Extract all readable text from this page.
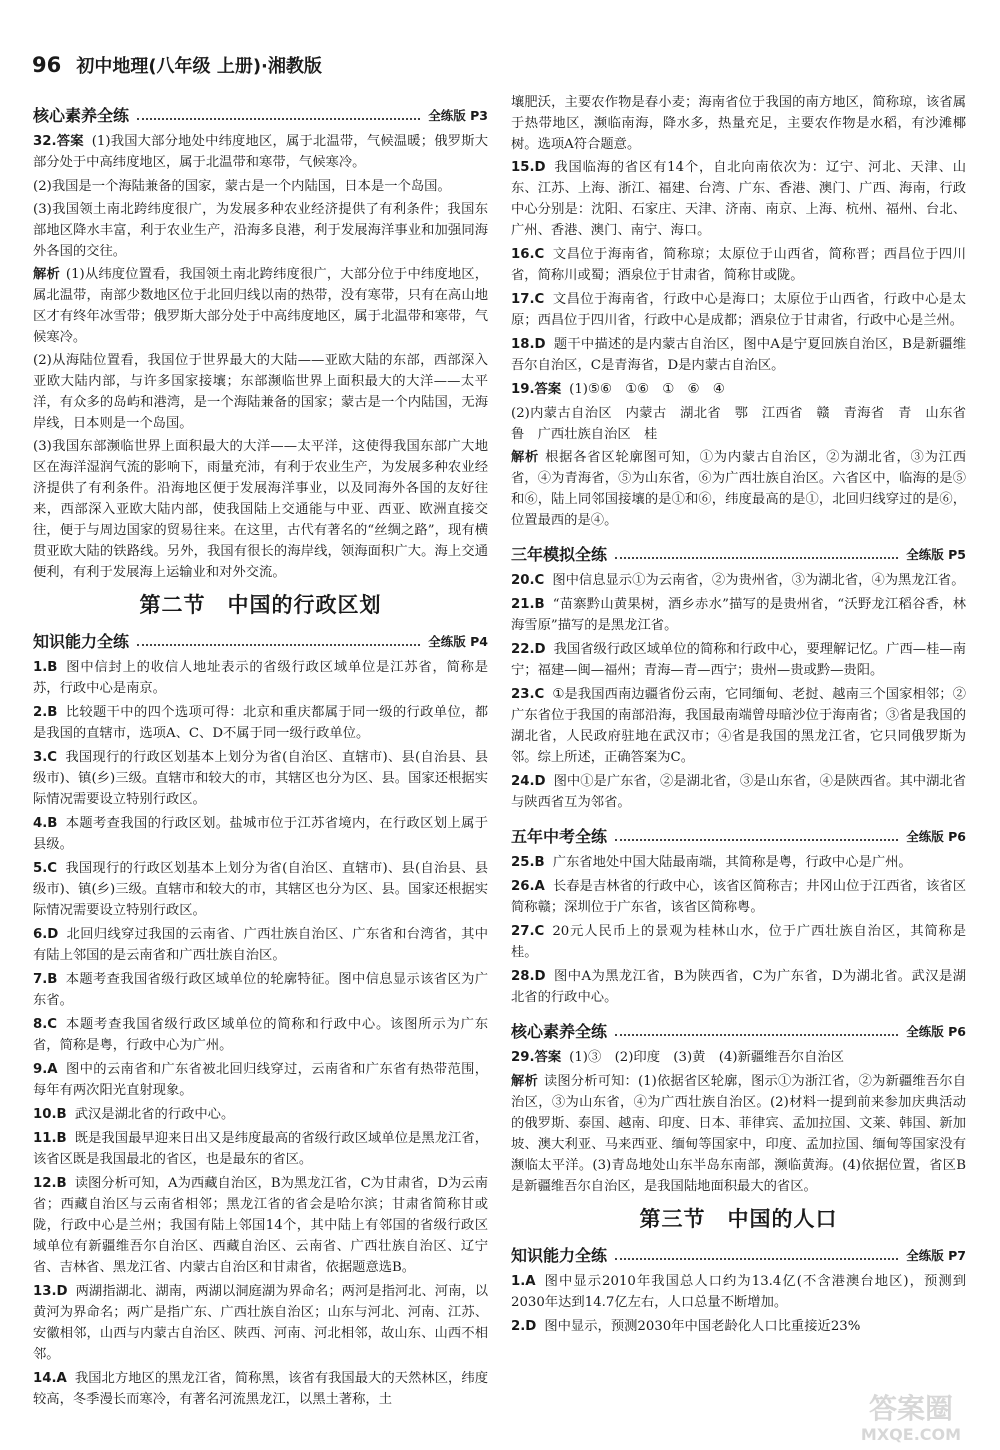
96 初中地理(八年级 上册)·湘教版
核心素养全练	全练版 P3
32.答案 (1)我国大部分地处中纬度地区，属于北温带，气候温暖；俄罗斯大部分处于中高纬度地区，属于北温带和寒带，气候寒冷。
(2)我国是一个海陆兼备的国家，蒙古是一个内陆国，日本是一个岛国。
(3)我国领土南北跨纬度很广，为发展多种农业经济提供了有利条件；我国东部地区降水丰富，利于农业生产，沿海多良港，利于发展海洋事业和加强同海外各国的交往。
解析 (1)从纬度位置看，我国领土南北跨纬度很广，大部分位于中纬度地区，属北温带，南部少数地区位于北回归线以南的热带，没有寒带，只有在高山地区才有终年冰雪带；俄罗斯大部分处于中高纬度地区，属于北温带和寒带，气候寒冷。
(2)从海陆位置看，我国位于世界最大的大陆——亚欧大陆的东部，西部深入亚欧大陆内部，与许多国家接壤；东部濒临世界上面积最大的大洋——太平洋，有众多的岛屿和港湾，是一个海陆兼备的国家；蒙古是一个内陆国，无海岸线，日本则是一个岛国。
(3)我国东部濒临世界上面积最大的大洋——太平洋，这使得我国东部广大地区在海洋湿润气流的影响下，雨量充沛，有利于农业生产，为发展多种农业经济提供了有利条件。沿海地区便于发展海洋事业，以及同海外各国的友好往来，西部深入亚欧大陆内部，使我国陆上交通能与中亚、西亚、欧洲直接交往，便于与周边国家的贸易往来。在这里，古代有著名的“丝绸之路”，现有横贯亚欧大陆的铁路线。另外，我国有很长的海岸线，领海面积广大。海上交通便利，有利于发展海上运输业和对外交流。
第二节　中国的行政区划
知识能力全练	全练版 P4
1.B 图中信封上的收信人地址表示的省级行政区域单位是江苏省，简称是苏，行政中心是南京。
2.B 比较题干中的四个选项可得：北京和重庆都属于同一级的行政单位，都是我国的直辖市，选项A、C、D不属于同一级行政单位。
3.C 我国现行的行政区划基本上划分为省(自治区、直辖市)、县(自治县、县级市)、镇(乡)三级。直辖市和较大的市，其辖区也分为区、县。国家还根据实际情况需要设立特别行政区。
4.B 本题考查我国的行政区划。盐城市位于江苏省境内，在行政区划上属于县级。
5.C 我国现行的行政区划基本上划分为省(自治区、直辖市)、县(自治县、县级市)、镇(乡)三级。直辖市和较大的市，其辖区也分为区、县。国家还根据实际情况需要设立特别行政区。
6.D 北回归线穿过我国的云南省、广西壮族自治区、广东省和台湾省，其中有陆上邻国的是云南省和广西壮族自治区。
7.B 本题考查我国省级行政区域单位的轮廓特征。图中信息显示该省区为广东省。
8.C 本题考查我国省级行政区域单位的简称和行政中心。该图所示为广东省，简称是粤，行政中心为广州。
9.A 图中的云南省和广东省被北回归线穿过，云南省和广东省有热带范围，每年有两次阳光直射现象。
10.B 武汉是湖北省的行政中心。
11.B 既是我国最早迎来日出又是纬度最高的省级行政区域单位是黑龙江省，该省区既是我国最北的省区，也是最东的省区。
12.B 读图分析可知，A为西藏自治区，B为黑龙江省，C为甘肃省，D为云南省；西藏自治区与云南省相邻；黑龙江省的省会是哈尔滨；甘肃省简称甘或陇，行政中心是兰州；我国有陆上邻国14个，其中陆上有邻国的省级行政区域单位有新疆维吾尔自治区、西藏自治区、云南省、广西壮族自治区、辽宁省、吉林省、黑龙江省、内蒙古自治区和甘肃省，依据题意选B。
13.D 两湖指湖北、湖南，两湖以洞庭湖为界命名；两河是指河北、河南，以黄河为界命名；两广是指广东、广西壮族自治区；山东与河北、河南、江苏、安徽相邻，山西与内蒙古自治区、陕西、河南、河北相邻，故山东、山西不相邻。
14.A 我国北方地区的黑龙江省，简称黑，该省有我国最大的天然林区，纬度较高，冬季漫长而寒冷，有著名河流黑龙江，以黑土著称，土
壤肥沃，主要农作物是春小麦；海南省位于我国的南方地区，简称琼，该省属于热带地区，濒临南海，降水多，热量充足，主要农作物是水稻，有沙滩椰树。选项A符合题意。
15.D 我国临海的省区有14个，自北向南依次为：辽宁、河北、天津、山东、江苏、上海、浙江、福建、台湾、广东、香港、澳门、广西、海南，行政中心分别是：沈阳、石家庄、天津、济南、南京、上海、杭州、福州、台北、广州、香港、澳门、南宁、海口。
16.C 文昌位于海南省，简称琼；太原位于山西省，简称晋；西昌位于四川省，简称川或蜀；酒泉位于甘肃省，简称甘或陇。
17.C 文昌位于海南省，行政中心是海口；太原位于山西省，行政中心是太原；西昌位于四川省，行政中心是成都；酒泉位于甘肃省，行政中心是兰州。
18.D 题干中描述的是内蒙古自治区，图中A是宁夏回族自治区，B是新疆维吾尔自治区，C是青海省，D是内蒙古自治区。
19.答案 (1)⑤⑥　①⑥　①　⑥　④
(2)内蒙古自治区　内蒙古　湖北省　鄂　江西省　赣　青海省　青　山东省　鲁　广西壮族自治区　桂
解析 根据各省区轮廓图可知，①为内蒙古自治区，②为湖北省，③为江西省，④为青海省，⑤为山东省，⑥为广西壮族自治区。六省区中，临海的是⑤和⑥，陆上同邻国接壤的是①和⑥，纬度最高的是①，北回归线穿过的是⑥，位置最西的是④。
三年模拟全练	全练版 P5
20.C 图中信息显示①为云南省，②为贵州省，③为湖北省，④为黑龙江省。
21.B “苗寨黔山黄果树，酒乡赤水”描写的是贵州省，“沃野龙江稻谷香，林海雪原”描写的是黑龙江省。
22.D 我国省级行政区域单位的简称和行政中心，要理解记忆。广西—桂—南宁；福建—闽—福州；青海—青—西宁；贵州—贵或黔—贵阳。
23.C ①是我国西南边疆省份云南，它同缅甸、老挝、越南三个国家相邻；②广东省位于我国的南部沿海，我国最南端曾母暗沙位于海南省；③省是我国的湖北省，人民政府驻地在武汉市；④省是我国的黑龙江省，它只同俄罗斯为邻。综上所述，正确答案为C。
24.D 图中①是广东省，②是湖北省，③是山东省，④是陕西省。其中湖北省与陕西省互为邻省。
五年中考全练	全练版 P6
25.B 广东省地处中国大陆最南端，其简称是粤，行政中心是广州。
26.A 长春是吉林省的行政中心，该省区简称吉；井冈山位于江西省，该省区简称赣；深圳位于广东省，该省区简称粤。
27.C 20元人民币上的景观为桂林山水，位于广西壮族自治区，其简称是桂。
28.D 图中A为黑龙江省，B为陕西省，C为广东省，D为湖北省。武汉是湖北省的行政中心。
核心素养全练	全练版 P6
29.答案 (1)③　(2)印度　(3)黄　(4)新疆维吾尔自治区
解析 读图分析可知：(1)依据省区轮廓，图示①为浙江省，②为新疆维吾尔自治区，③为山东省，④为广西壮族自治区。(2)材料一提到前来参加庆典活动的俄罗斯、泰国、越南、印度、日本、菲律宾、孟加拉国、文莱、韩国、新加坡、澳大利亚、马来西亚、缅甸等国家中，印度、孟加拉国、缅甸等国家没有濒临太平洋。(3)青岛地处山东半岛东南部，濒临黄海。(4)依据位置，省区B是新疆维吾尔自治区，是我国陆地面积最大的省区。
第三节　中国的人口
知识能力全练	全练版 P7
1.A 图中显示2010年我国总人口约为13.4亿(不含港澳台地区)，预测到2030年达到14.7亿左右，人口总量不断增加。
2.D 图中显示，预测2030年中国老龄化人口比重接近23%
答案圈
MXQE.COM
